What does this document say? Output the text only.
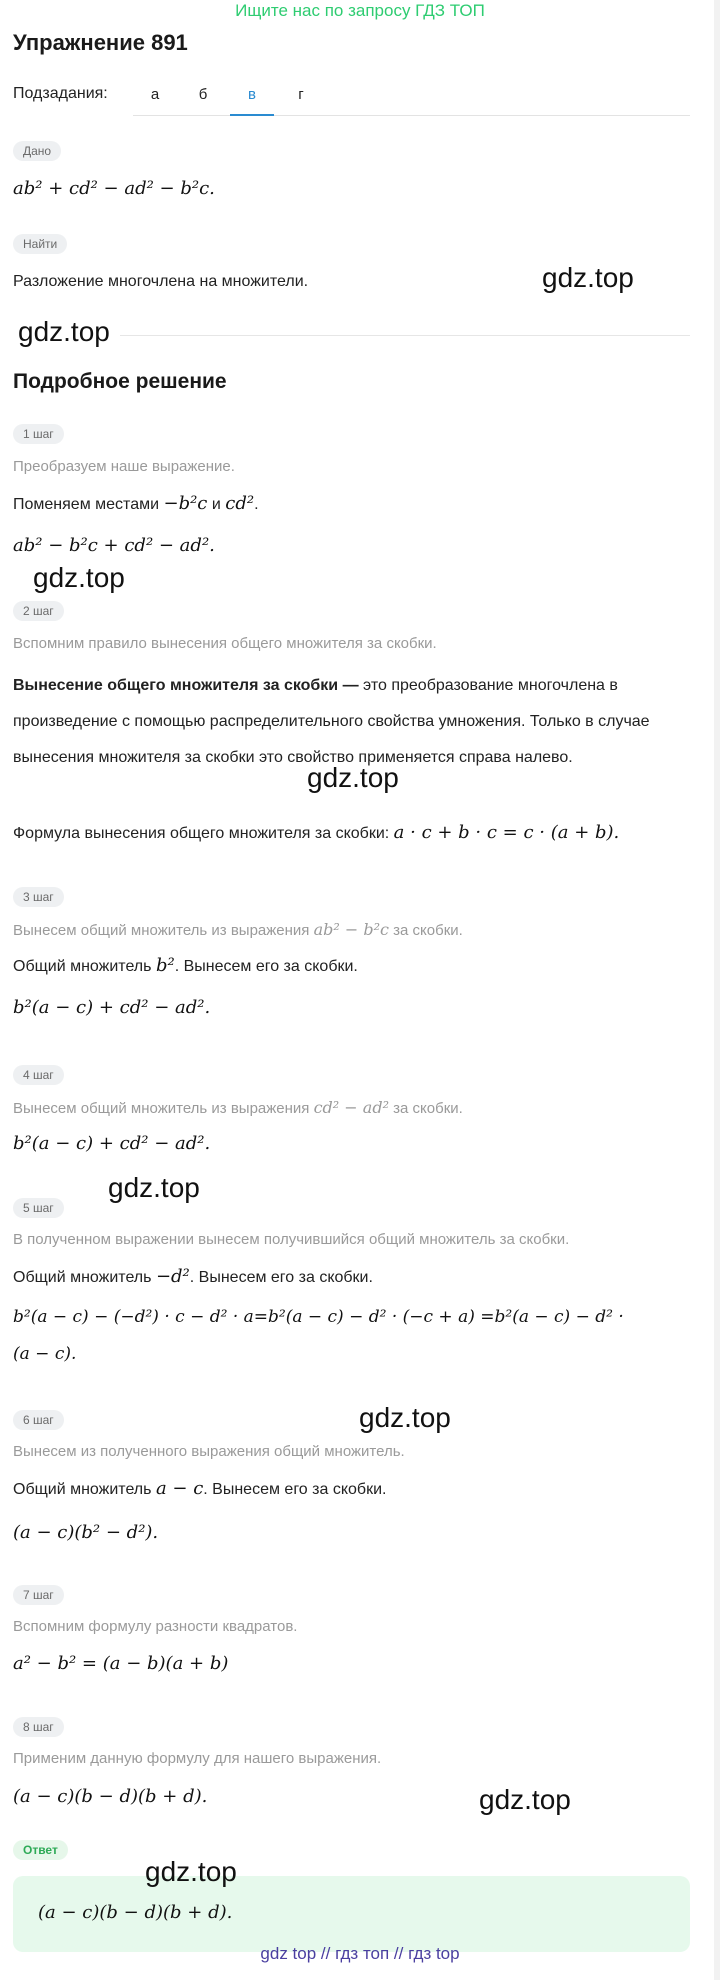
Ищите нас по запросу ГДЗ ТОП
Упражнение 891
Подзадания:	а	б	в	г
Дано
ab² + cd² − ad² − b²c.
Найти
Разложение многочлена на множители.	gdz.top
gdz.top
Подробное решение
1 шаг
Преобразуем наше выражение.
Поменяем местами −b²c и cd².
ab² − b²c + cd² − ad².
gdz.top
2 шаг
Вспомним правило вынесения общего множителя за скобки.
Вынесение общего множителя за скобки — это преобразование многочлена в произведение с помощью распределительного свойства умножения. Только в случае вынесения множителя за скобки это свойство применяется справа налево.
gdz.top
Формула вынесения общего множителя за скобки: a · c + b · c = c · (a + b).
3 шаг
Вынесем общий множитель из выражения ab² − b²c за скобки.
Общий множитель b². Вынесем его за скобки.
b²(a − c) + cd² − ad².
4 шаг
Вынесем общий множитель из выражения cd² − ad² за скобки.
b²(a − c) + cd² − ad².
gdz.top
5 шаг
В полученном выражении вынесем получившийся общий множитель за скобки.
Общий множитель −d². Вынесем его за скобки.
b²(a − c) − (−d²) · c − d² · a=b²(a − c) − d² · (−c + a) =b²(a − c) − d² ·
(a − c).
gdz.top
6 шаг
Вынесем из полученного выражения общий множитель.
Общий множитель a − c. Вынесем его за скобки.
(a − c)(b² − d²).
7 шаг
Вспомним формулу разности квадратов.
a² − b² = (a − b)(a + b)
8 шаг
Применим данную формулу для нашего выражения.
(a − c)(b − d)(b + d).	gdz.top
Ответ
(a − c)(b − d)(b + d).
gdz.top
gdz top // гдз топ // гдз top
